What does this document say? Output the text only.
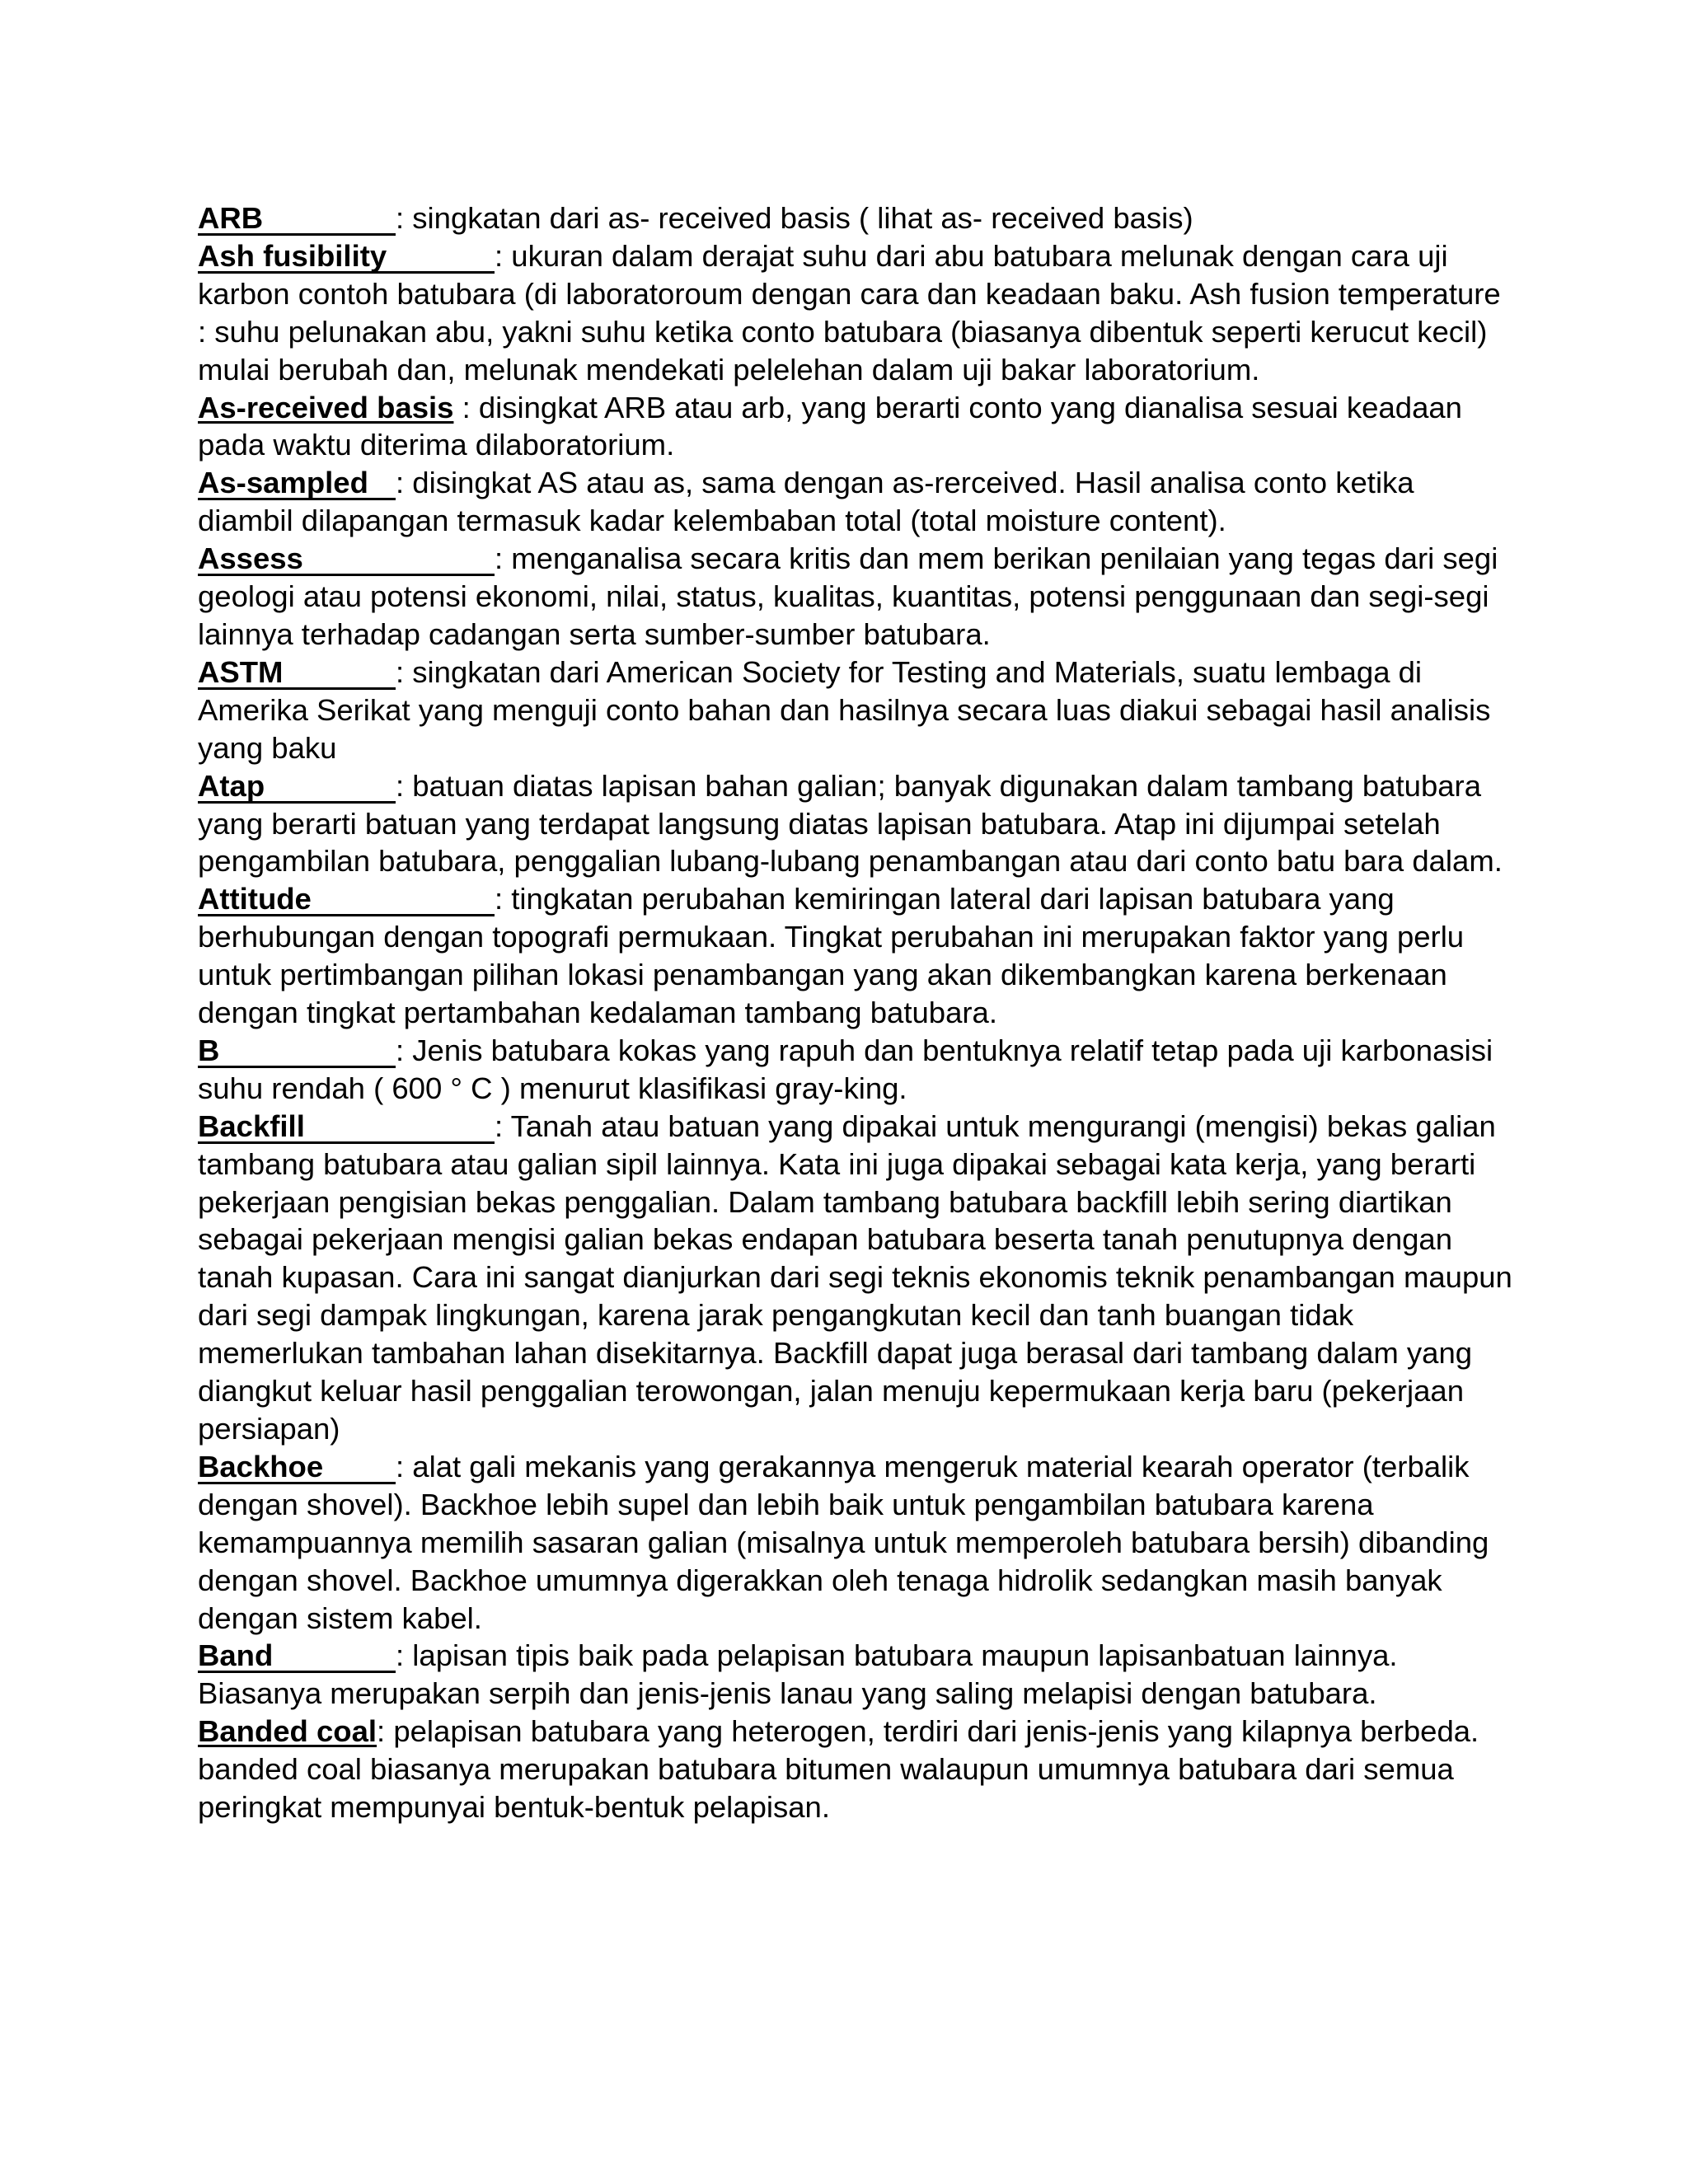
ARB	: singkatan dari as- received basis ( lihat as- received basis)

Ash fusibility	: ukuran dalam derajat suhu dari abu batubara melunak dengan cara uji karbon contoh batubara (di laboratoroum dengan cara dan keadaan baku. Ash fusion temperature : suhu pelunakan abu, yakni suhu ketika conto batubara (biasanya dibentuk seperti kerucut kecil) mulai berubah dan, melunak mendekati pelelehan dalam uji bakar laboratorium.

As-received basis : disingkat ARB atau arb, yang berarti conto yang dianalisa sesuai keadaan pada waktu diterima dilaboratorium.

As-sampled : disingkat AS atau as, sama dengan as-rerceived. Hasil analisa conto ketika diambil dilapangan termasuk kadar kelembaban total (total moisture content).

Assess	: menganalisa secara kritis dan mem berikan penilaian yang tegas dari segi geologi atau potensi ekonomi, nilai, status, kualitas, kuantitas, potensi penggunaan dan segi-segi lainnya terhadap cadangan serta sumber-sumber batubara.

ASTM	: singkatan dari American Society for Testing and Materials, suatu lembaga di Amerika Serikat yang menguji conto bahan dan hasilnya secara luas diakui sebagai hasil analisis yang baku

Atap	: batuan diatas lapisan bahan galian; banyak digunakan dalam tambang batubara yang berarti batuan yang terdapat langsung diatas lapisan batubara. Atap ini dijumpai setelah pengambilan batubara, penggalian lubang-lubang penambangan atau dari conto batu bara dalam.

Attitude	: tingkatan perubahan kemiringan lateral dari lapisan batubara yang berhubungan dengan topografi permukaan. Tingkat perubahan ini merupakan faktor yang perlu untuk pertimbangan pilihan lokasi penambangan yang akan dikembangkan karena berkenaan dengan tingkat pertambahan kedalaman tambang batubara.

B	: Jenis batubara kokas yang rapuh dan bentuknya relatif tetap pada uji karbonasisi suhu rendah ( 600 ° C ) menurut klasifikasi gray-king.

Backfill	: Tanah atau batuan yang dipakai untuk mengurangi (mengisi) bekas galian tambang batubara atau galian sipil lainnya. Kata ini juga dipakai sebagai kata kerja, yang berarti pekerjaan pengisian bekas penggalian. Dalam tambang batubara backfill lebih sering diartikan sebagai pekerjaan mengisi galian bekas endapan batubara beserta tanah penutupnya dengan tanah kupasan. Cara ini sangat dianjurkan dari segi teknis ekonomis teknik penambangan maupun dari segi dampak lingkungan, karena jarak pengangkutan kecil dan tanh buangan tidak memerlukan tambahan lahan disekitarnya. Backfill dapat juga berasal dari tambang dalam yang diangkut keluar hasil penggalian terowongan, jalan menuju kepermukaan kerja baru (pekerjaan persiapan)

Backhoe : alat gali mekanis yang gerakannya mengeruk material kearah operator (terbalik dengan shovel). Backhoe lebih supel dan lebih baik untuk pengambilan batubara karena kemampuannya memilih sasaran galian (misalnya untuk memperoleh batubara bersih) dibanding dengan shovel. Backhoe umumnya digerakkan oleh tenaga hidrolik sedangkan masih banyak dengan sistem kabel.

Band	: lapisan tipis baik pada pelapisan batubara maupun lapisanbatuan lainnya. Biasanya merupakan serpih dan jenis-jenis lanau yang saling melapisi dengan batubara.

Banded coal: pelapisan batubara yang heterogen, terdiri dari jenis-jenis yang kilapnya berbeda. banded coal biasanya merupakan batubara bitumen walaupun umumnya batubara dari semua peringkat mempunyai bentuk-bentuk pelapisan.
